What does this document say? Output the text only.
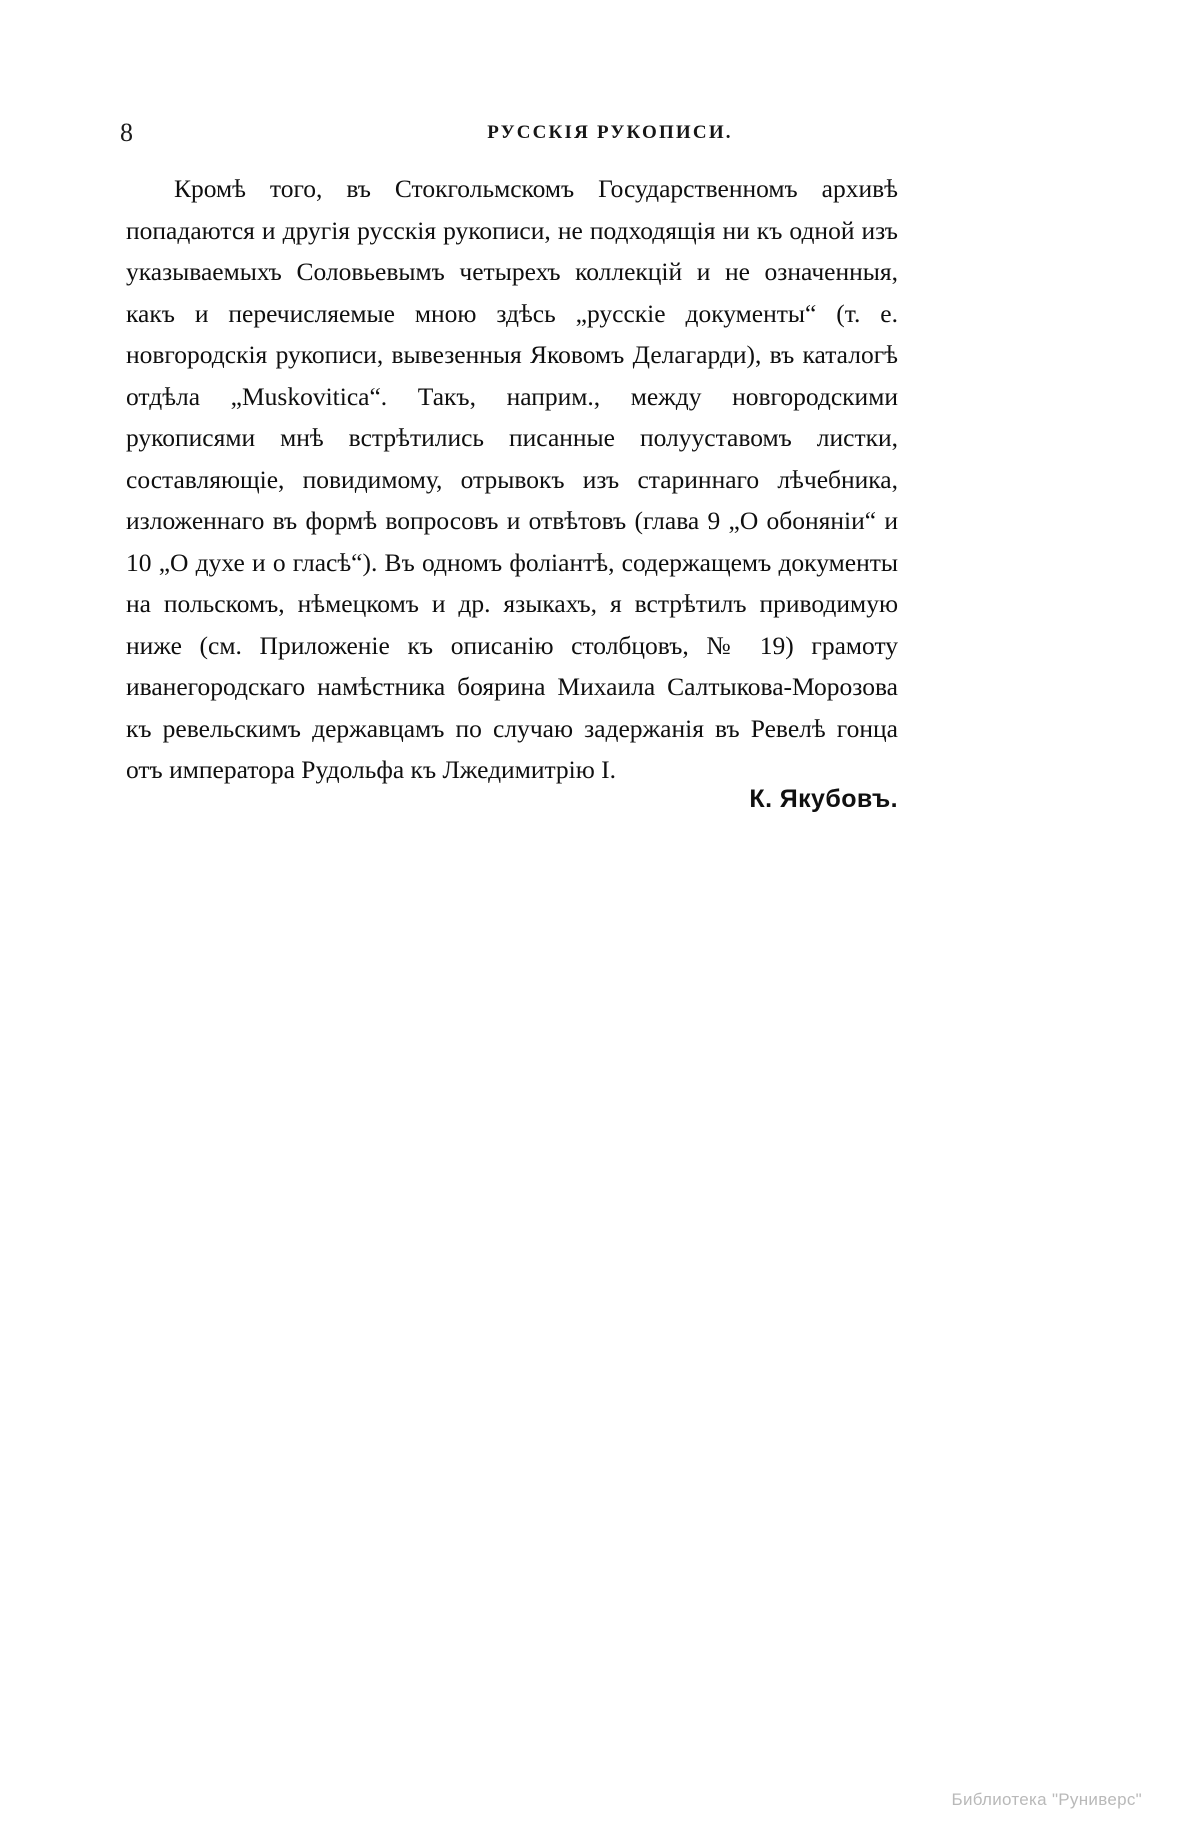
8	РУССКІЯ РУКОПИСИ.

Кромѣ того, въ Стокгольмскомъ Государственномъ архивѣ попадаются и другія русскія рукописи, не подходящія ни къ одной изъ указываемыхъ Соловьевымъ четырехъ коллекцій и не означенныя, какъ и перечисляемые мною здѣсь „русскіе документы“ (т. е. новгородскія рукописи, вывезенныя Яковомъ Делагарди), въ каталогѣ отдѣла „Muskovitica“. Такъ, наприм., между новгородскими рукописями мнѣ встрѣтились писанные полууставомъ листки, составляющіе, повидимому, отрывокъ изъ стариннаго лѣчебника, изложеннаго въ формѣ вопросовъ и отвѣтовъ (глава 9 „О обоняніи“ и 10 „О духе и о гласѣ“). Въ одномъ фоліантѣ, содержащемъ документы на польскомъ, нѣмецкомъ и др. языкахъ, я встрѣтилъ приводимую ниже (см. Приложеніе къ описанію столбцовъ, № 19) грамоту иванегородскаго намѣстника боярина Михаила Салтыкова-Морозова къ ревельскимъ державцамъ по случаю задержанія въ Ревелѣ гонца отъ императора Рудольфа къ Лжедимитрію I.

К. Якубовъ.
Библиотека "Руниверс"
